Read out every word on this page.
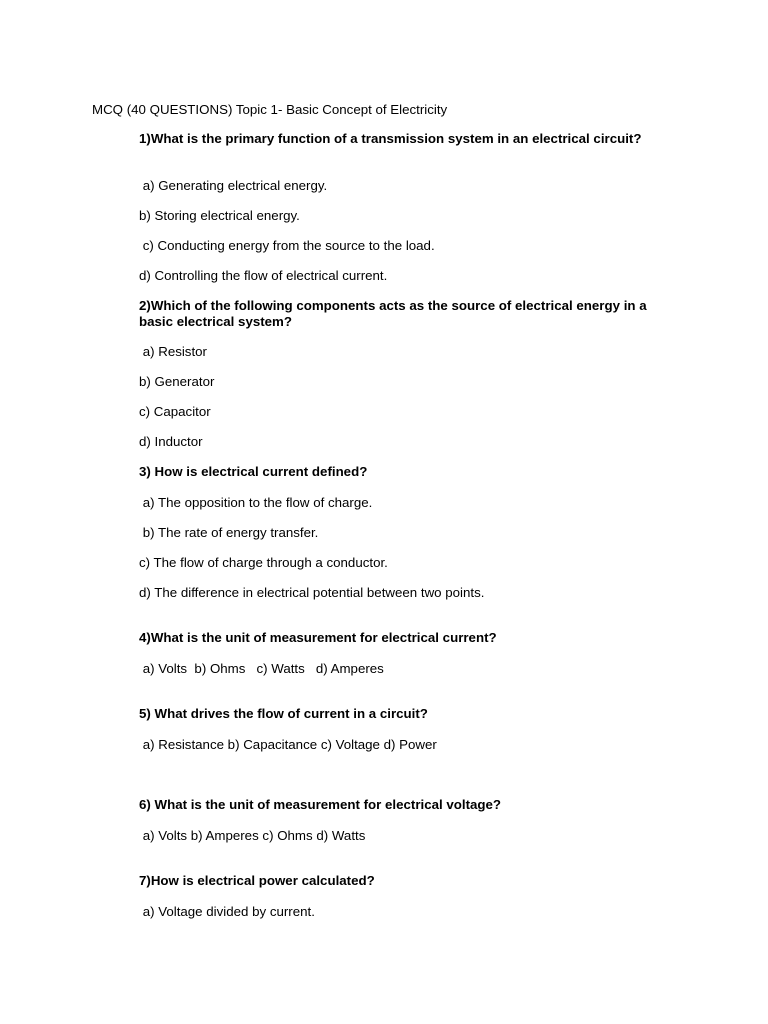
MCQ (40 QUESTIONS) Topic 1- Basic Concept of Electricity
1)What is the primary function of a transmission system in an electrical circuit?
a) Generating electrical energy.
b) Storing electrical energy.
c) Conducting energy from the source to the load.
d) Controlling the flow of electrical current.
2)Which of the following components acts as the source of electrical energy in a basic electrical system?
a) Resistor
b) Generator
c) Capacitor
d) Inductor
3) How is electrical current defined?
a) The opposition to the flow of charge.
b) The rate of energy transfer.
c) The flow of charge through a conductor.
d) The difference in electrical potential between two points.
4)What is the unit of measurement for electrical current?
a) Volts  b) Ohms   c) Watts   d) Amperes
5) What drives the flow of current in a circuit?
a) Resistance b) Capacitance c) Voltage d) Power
6) What is the unit of measurement for electrical voltage?
a) Volts b) Amperes c) Ohms d) Watts
7)How is electrical power calculated?
a) Voltage divided by current.
